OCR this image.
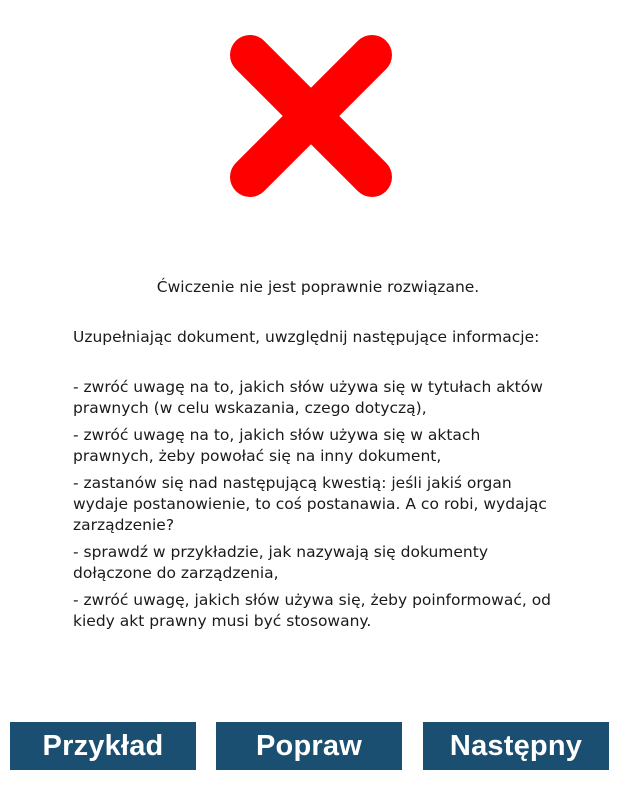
Ćwiczenie nie jest poprawnie rozwiązane.

Uzupełniając dokument, uwzględnij następujące informacje:

- zwróć uwagę na to, jakich słów używa się w tytułach aktów prawnych (w celu wskazania, czego dotyczą),

- zwróć uwagę na to, jakich słów używa się w aktach prawnych, żeby powołać się na inny dokument,

- zastanów się nad następującą kwestią: jeśli jakiś organ wydaje postanowienie, to coś postanawia. A co robi, wydając zarządzenie?

- sprawdź w przykładzie, jak nazywają się dokumenty dołączone do zarządzenia,

- zwróć uwagę, jakich słów używa się, żeby poinformować, od kiedy akt prawny musi być stosowany.

Przykład	Popraw	Następny
